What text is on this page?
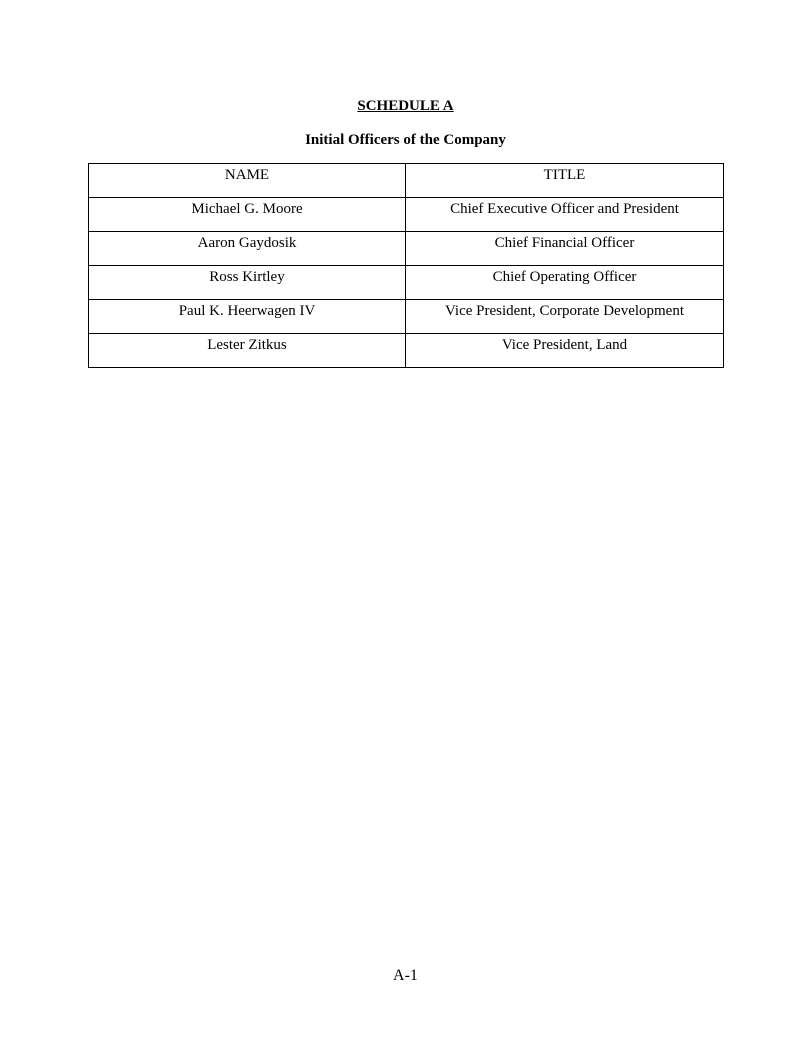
SCHEDULE A
Initial Officers of the Company
NAME	TITLE

Michael G. Moore	Chief Executive Officer and President

Aaron Gaydosik	Chief Financial Officer

Ross Kirtley	Chief Operating Officer

Paul K. Heerwagen IV	Vice President, Corporate Development

Lester Zitkus	Vice President, Land
A-1
